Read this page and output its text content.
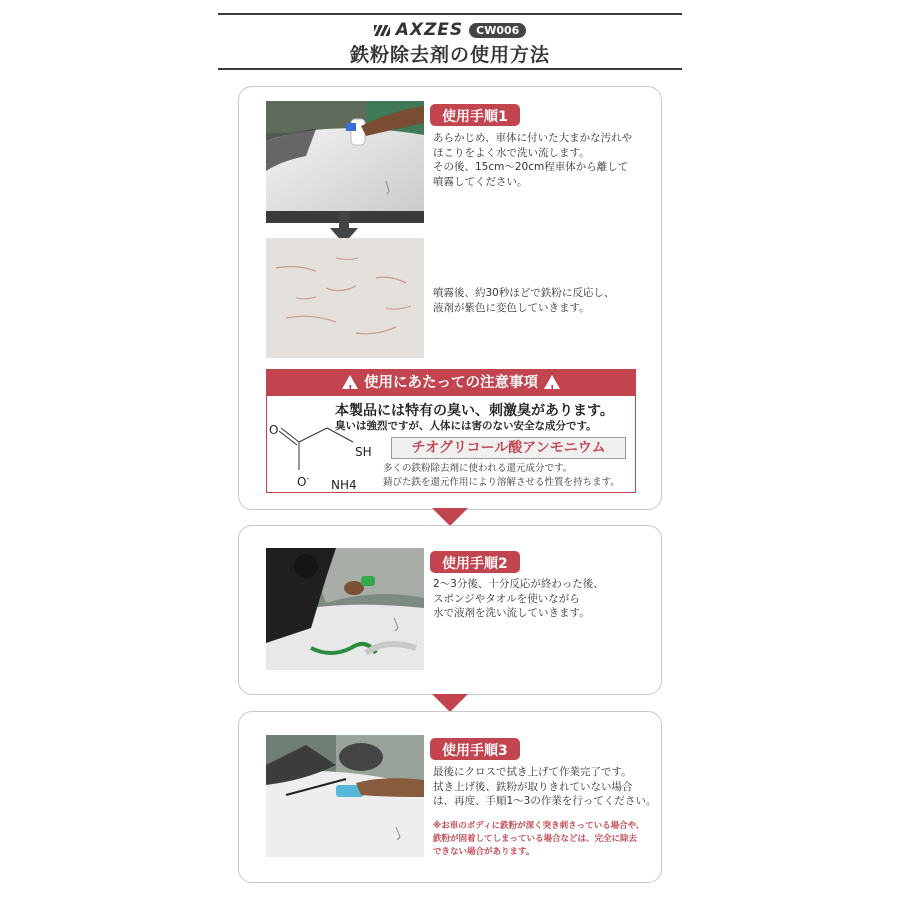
AXZES	CW006
鉄粉除去剤の使用方法
使用手順1
あらかじめ、車体に付いた大まかな汚れや
ほこりをよく水で洗い流します。
その後、15cm〜20cm程車体から離して
噴霧してください。
噴霧後、約30秒ほどで鉄粉に反応し、
液剤が紫色に変色していきます。
!使用にあたっての注意事項!
本製品には特有の臭い、刺激臭があります。
臭いは強烈ですが、人体には害のない安全な成分です。
O
SH
O- NH4
チオグリコール酸アンモニウム
多くの鉄粉除去剤に使われる還元成分です。
錆びた鉄を還元作用により溶解させる性質を持ちます。
使用手順2
2〜3分後、十分反応が終わった後、
スポンジやタオルを使いながら
水で液剤を洗い流していきます。
使用手順3
最後にクロスで拭き上げて作業完了です。
拭き上げ後、鉄粉が取りきれていない場合
は、再度、手順1〜3の作業を行ってください。
※お車のボディに鉄粉が深く突き刺さっている場合や、
鉄粉が固着してしまっている場合などは、完全に除去
できない場合があります。
